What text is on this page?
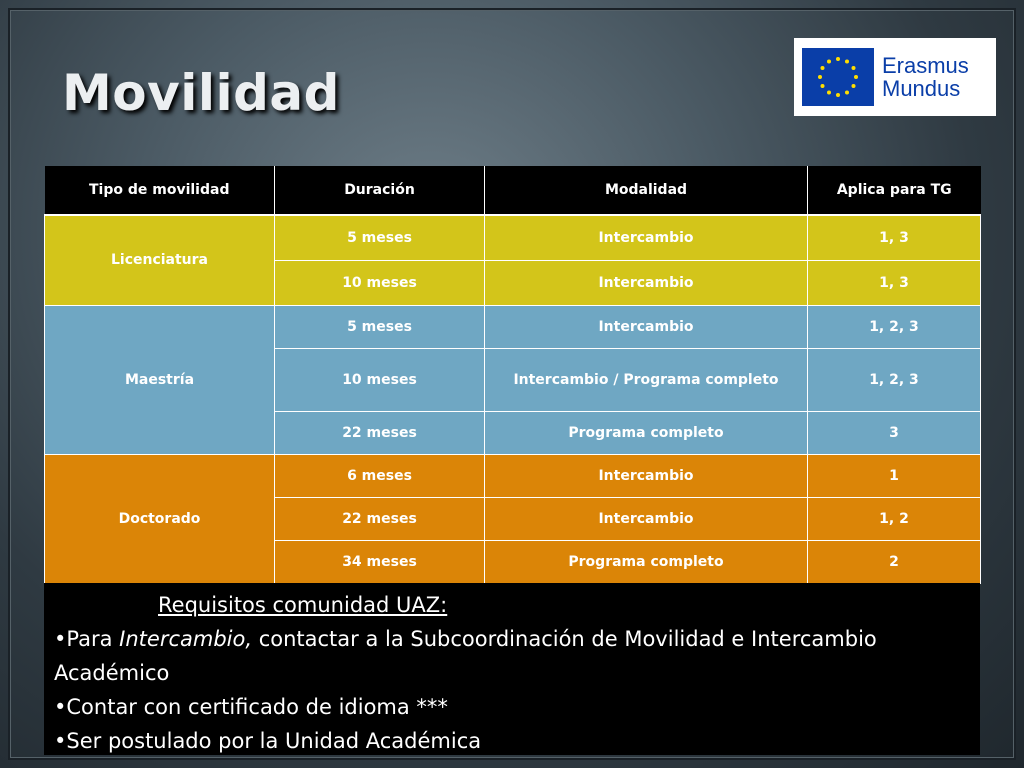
Movilidad	Erasmus
Mundus
Tipo de movilidad	Duración	Modalidad	Aplica para TG
Licenciatura	5 meses	Intercambio	1, 3
	10 meses	Intercambio	1, 3
Maestría	5 meses	Intercambio	1, 2, 3
	10 meses	Intercambio / Programa completo	1, 2, 3
	22 meses	Programa completo	3
Doctorado	6 meses	Intercambio	1
	22 meses	Intercambio	1, 2
	34 meses	Programa completo	2
Requisitos comunidad UAZ:
•Para Intercambio, contactar a la Subcoordinación de Movilidad e Intercambio
Académico
•Contar con certificado de idioma ***
•Ser postulado por la Unidad Académica
